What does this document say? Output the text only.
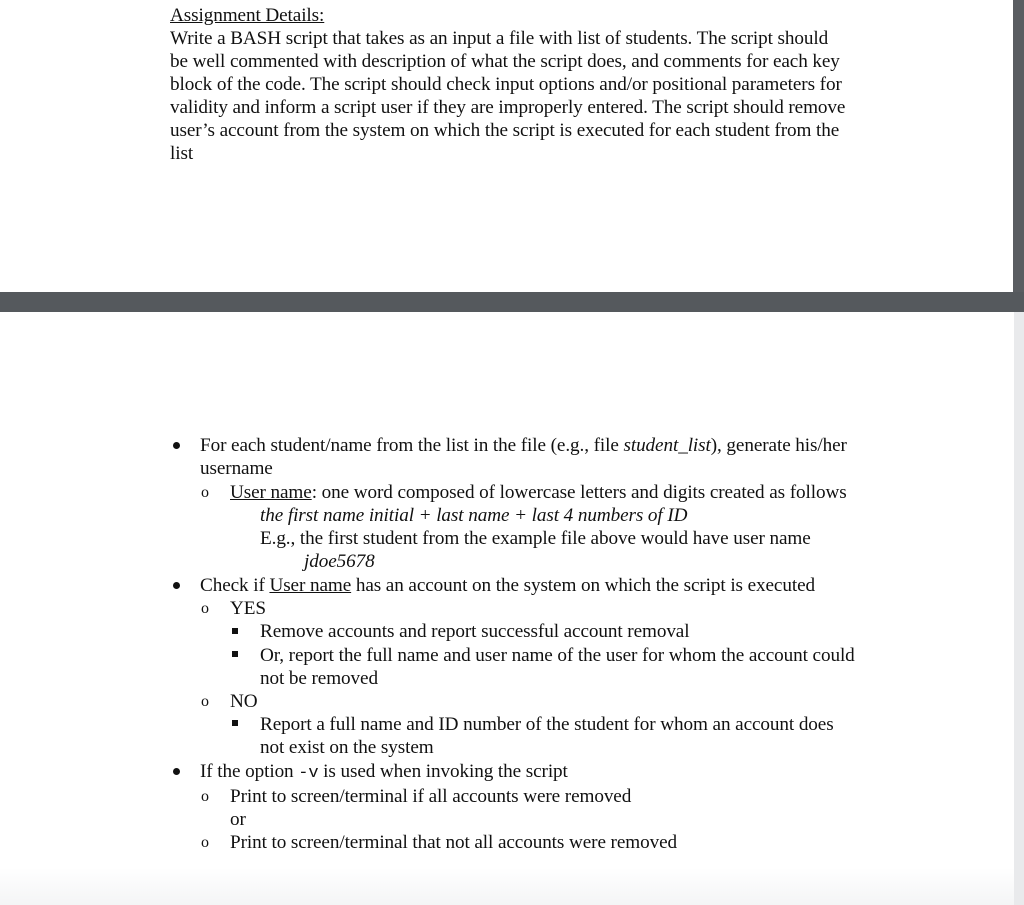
Assignment Details:
Write a BASH script that takes as an input a file with list of students. The script should
be well commented with description of what the script does, and comments for each key
block of the code. The script should check input options and/or positional parameters for
validity and inform a script user if they are improperly entered. The script should remove
user’s account from the system on which the script is executed for each student from the
list
For each student/name from the list in the file (e.g., file student_list), generate his/her
username
o User name: one word composed of lowercase letters and digits created as follows
the first name initial + last name + last 4 numbers of ID
E.g., the first student from the example file above would have user name
jdoe5678
Check if User name has an account on the system on which the script is executed
o YES
Remove accounts and report successful account removal
Or, report the full name and user name of the user for whom the account could
not be removed
o NO
Report a full name and ID number of the student for whom an account does
not exist on the system
If the option -v is used when invoking the script
o Print to screen/terminal if all accounts were removed
or
o Print to screen/terminal that not all accounts were removed
